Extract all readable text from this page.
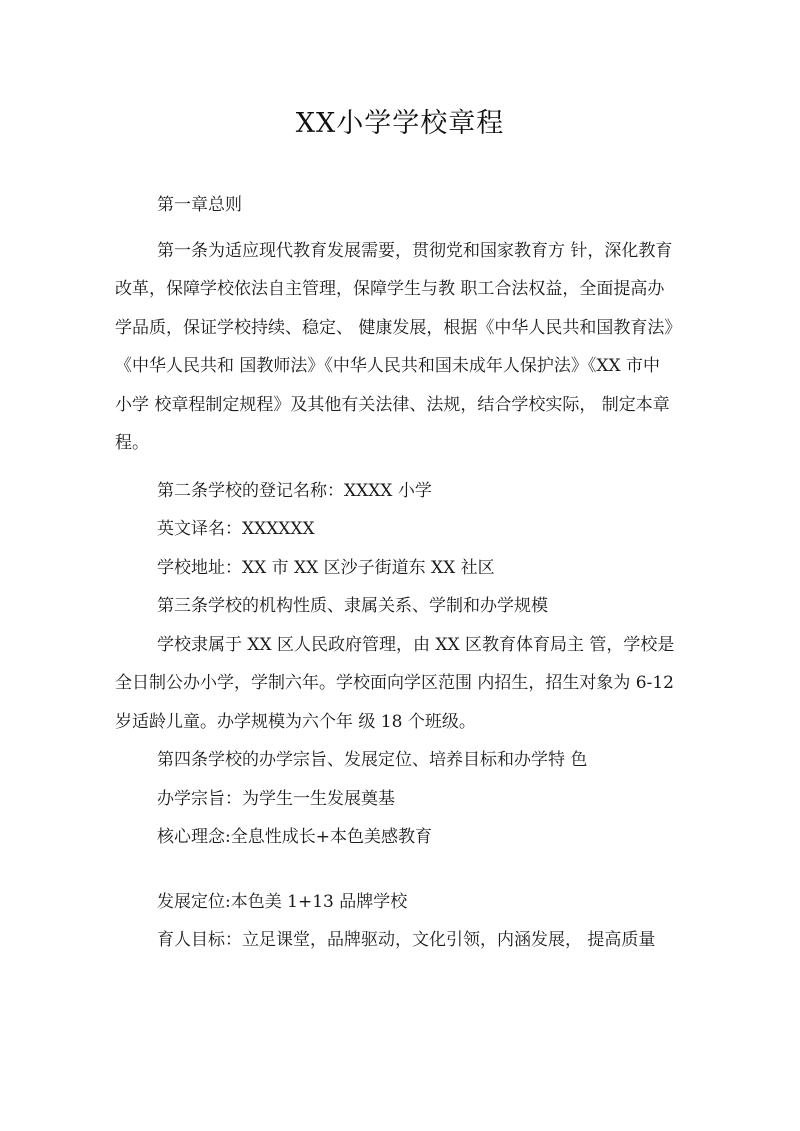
XX小学学校章程
第一章总则
第一条为适应现代教育发展需要，贯彻党和国家教育方 针，深化教育
改革，保障学校依法自主管理，保障学生与教 职工合法权益，全面提高办
学品质，保证学校持续、稳定、 健康发展，根据《中华人民共和国教育法》
《中华人民共和 国教师法》《中华人民共和国未成年人保护法》《XX 市中
小学 校章程制定规程》及其他有关法律、法规，结合学校实际， 制定本章
程。
第二条学校的登记名称：XXXX 小学
英文译名：XXXXXX
学校地址：XX 市 XX 区沙子街道东 XX 社区
第三条学校的机构性质、隶属关系、学制和办学规模
学校隶属于 XX 区人民政府管理，由 XX 区教育体育局主 管，学校是
全日制公办小学，学制六年。学校面向学区范围 内招生，招生对象为 6-12
岁适龄儿童。办学规模为六个年 级 18 个班级。
第四条学校的办学宗旨、发展定位、培养目标和办学特 色
办学宗旨：为学生一生发展奠基
核心理念:全息性成长+本色美感教育
发展定位:本色美 1+13 品牌学校
育人目标：立足课堂，品牌驱动，文化引领，内涵发展， 提高质量
